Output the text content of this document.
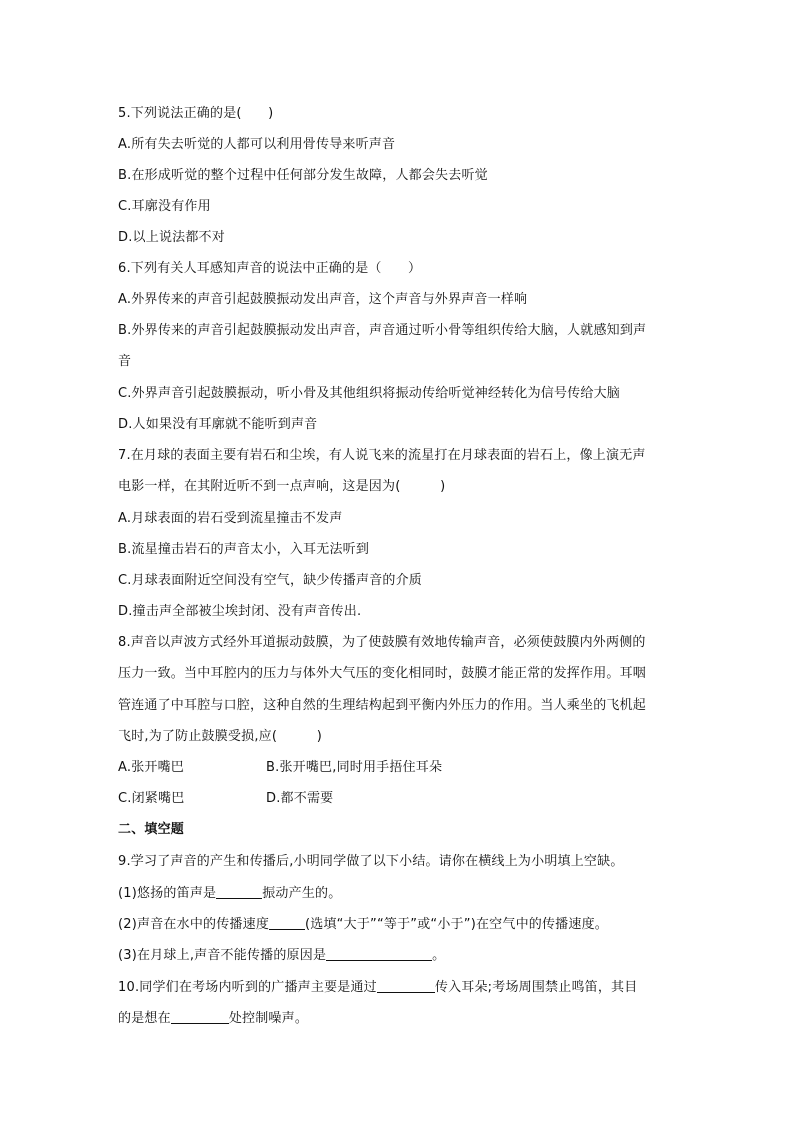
5.下列说法正确的是(　　)
A.所有失去听觉的人都可以利用骨传导来听声音
B.在形成听觉的整个过程中任何部分发生故障，人都会失去听觉
C.耳廓没有作用
D.以上说法都不对
6.下列有关人耳感知声音的说法中正确的是（　　）
A.外界传来的声音引起鼓膜振动发出声音，这个声音与外界声音一样响
B.外界传来的声音引起鼓膜振动发出声音，声音通过听小骨等组织传给大脑，人就感知到声
音
C.外界声音引起鼓膜振动，听小骨及其他组织将振动传给听觉神经转化为信号传给大脑
D.人如果没有耳廓就不能听到声音
7.在月球的表面主要有岩石和尘埃，有人说飞来的流星打在月球表面的岩石上，像上演无声
电影一样，在其附近听不到一点声响，这是因为(　　　)
A.月球表面的岩石受到流星撞击不发声
B.流星撞击岩石的声音太小，入耳无法听到
C.月球表面附近空间没有空气，缺少传播声音的介质
D.撞击声全部被尘埃封闭、没有声音传出.
8.声音以声波方式经外耳道振动鼓膜，为了使鼓膜有效地传输声音，必须使鼓膜内外两侧的
压力一致。当中耳腔内的压力与体外大气压的变化相同时，鼓膜才能正常的发挥作用。耳咽
管连通了中耳腔与口腔，这种自然的生理结构起到平衡内外压力的作用。当人乘坐的飞机起
飞时,为了防止鼓膜受损,应(　　　)
A.张开嘴巴	B.张开嘴巴,同时用手捂住耳朵
C.闭紧嘴巴	D.都不需要
二、填空题
9.学习了声音的产生和传播后,小明同学做了以下小结。请你在横线上为小明填上空缺。
(1)悠扬的笛声是	振动产生的。
(2)声音在水中的传播速度	(选填“大于”“等于”或“小于”)在空气中的传播速度。
(3)在月球上,声音不能传播的原因是	。
10.同学们在考场内听到的广播声主要是通过	传入耳朵;考场周围禁止鸣笛，其目
的是想在	处控制噪声。
